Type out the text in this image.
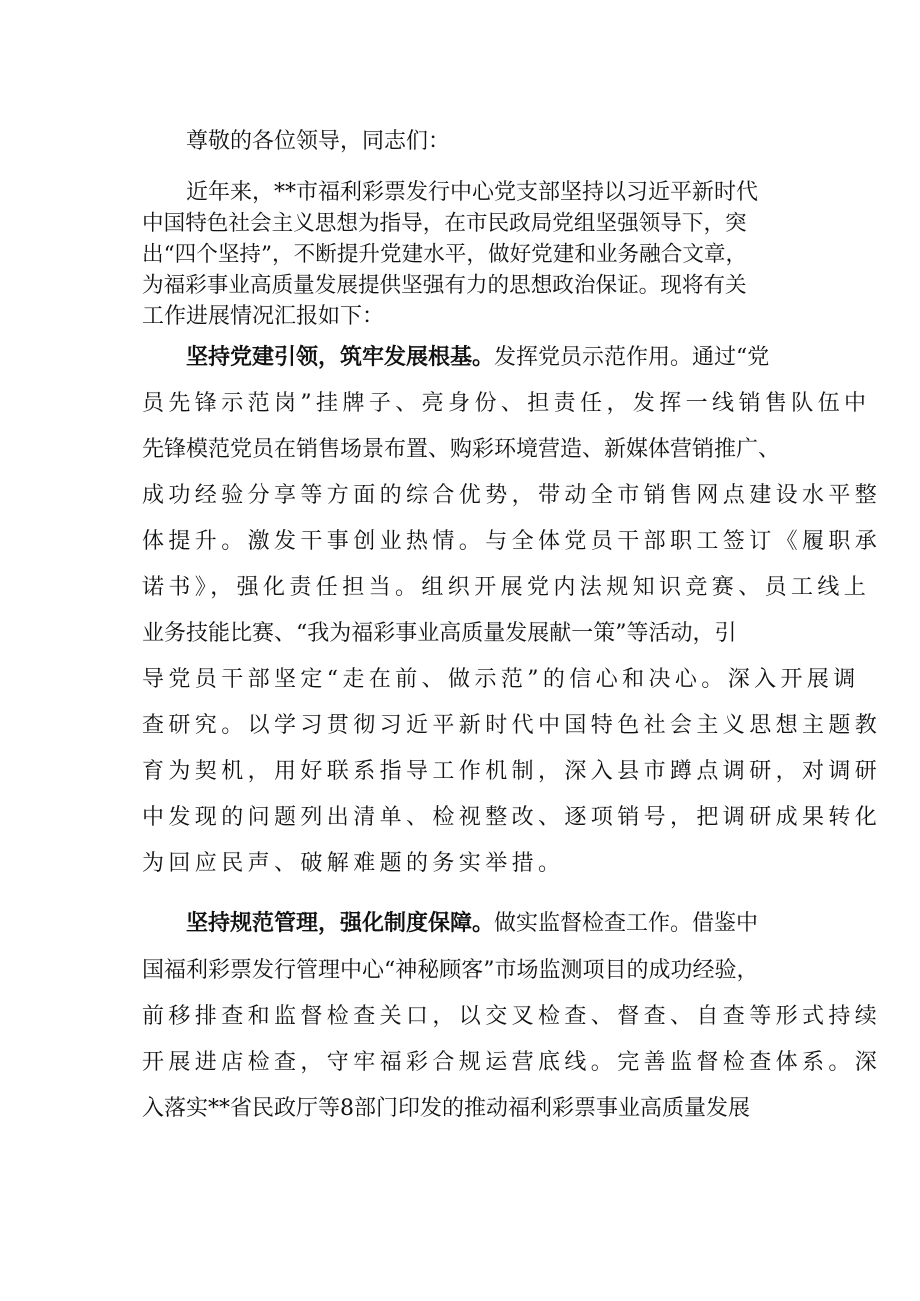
尊敬的各位领导，同志们：
近年来，**市福利彩票发行中心党支部坚持以习近平新时代
中国特色社会主义思想为指导，在市民政局党组坚强领导下，突
出“四个坚持”，不断提升党建水平，做好党建和业务融合文章，
为福彩事业高质量发展提供坚强有力的思想政治保证。现将有关
工作进展情况汇报如下：
坚持党建引领，筑牢发展根基。发挥党员示范作用。通过“党
员先锋示范岗”挂牌子、亮身份、担责任，发挥一线销售队伍中
先锋模范党员在销售场景布置、购彩环境营造、新媒体营销推广、
成功经验分享等方面的综合优势，带动全市销售网点建设水平整
体提升。激发干事创业热情。与全体党员干部职工签订《履职承
诺书》，强化责任担当。组织开展党内法规知识竞赛、员工线上
业务技能比赛、“我为福彩事业高质量发展献一策”等活动，引
导党员干部坚定“走在前、做示范”的信心和决心。深入开展调
查研究。以学习贯彻习近平新时代中国特色社会主义思想主题教
育为契机，用好联系指导工作机制，深入县市蹲点调研，对调研
中发现的问题列出清单、检视整改、逐项销号，把调研成果转化
为回应民声、破解难题的务实举措。
坚持规范管理，强化制度保障。做实监督检查工作。借鉴中
国福利彩票发行管理中心“神秘顾客”市场监测项目的成功经验，
前移排查和监督检查关口，以交叉检查、督查、自查等形式持续
开展进店检查，守牢福彩合规运营底线。完善监督检查体系。深
入落实**省民政厅等8部门印发的推动福利彩票事业高质量发展
